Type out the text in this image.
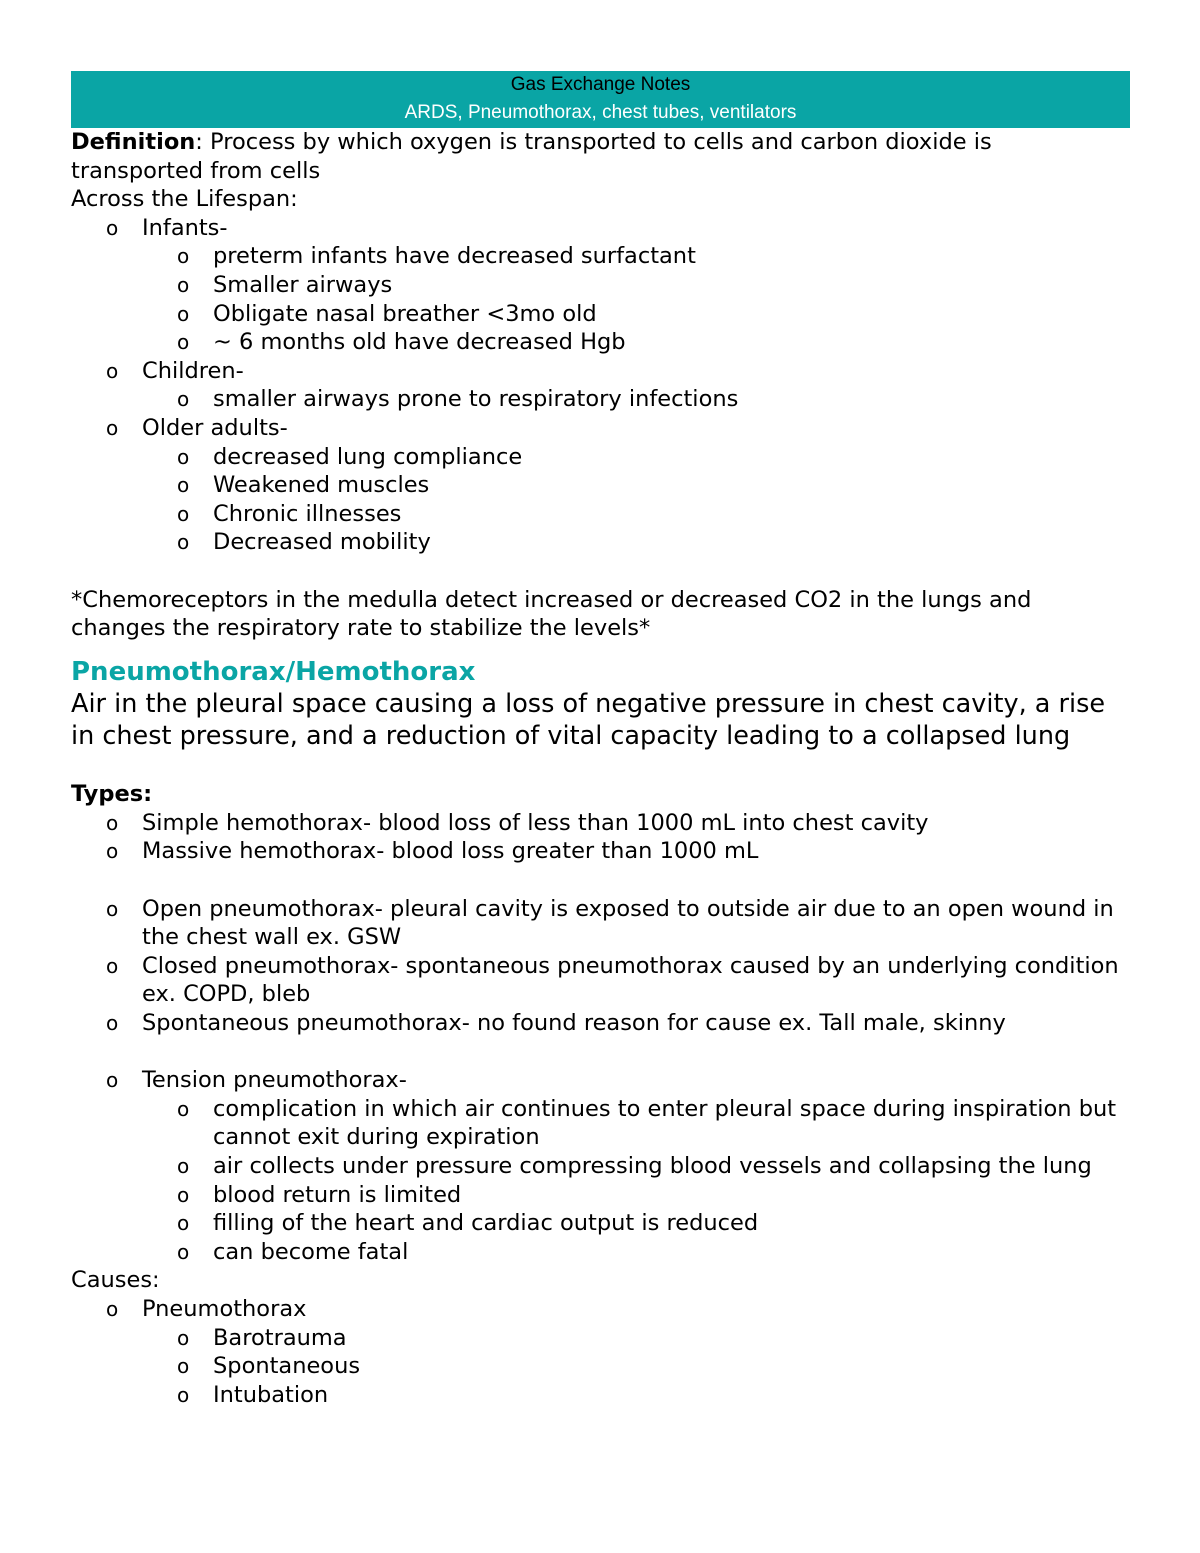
Gas Exchange Notes
ARDS, Pneumothorax, chest tubes, ventilators

Definition: Process by which oxygen is transported to cells and carbon dioxide is transported from cells

Across the Lifespan:

o Infants-
o preterm infants have decreased surfactant
o Smaller airways
o Obligate nasal breather <3mo old
o ~ 6 months old have decreased Hgb
o Children-
o smaller airways prone to respiratory infections
o Older adults-
o decreased lung compliance
o Weakened muscles
o Chronic illnesses
o Decreased mobility

*Chemoreceptors in the medulla detect increased or decreased CO2 in the lungs and changes the respiratory rate to stabilize the levels*

Pneumothorax/Hemothorax

Air in the pleural space causing a loss of negative pressure in chest cavity, a rise in chest pressure, and a reduction of vital capacity leading to a collapsed lung

Types:

o Simple hemothorax- blood loss of less than 1000 mL into chest cavity
o Massive hemothorax- blood loss greater than 1000 mL
o Open pneumothorax- pleural cavity is exposed to outside air due to an open wound in the chest wall ex. GSW
o Closed pneumothorax- spontaneous pneumothorax caused by an underlying condition ex. COPD, bleb
o Spontaneous pneumothorax- no found reason for cause ex. Tall male, skinny
o Tension pneumothorax-
o complication in which air continues to enter pleural space during inspiration but cannot exit during expiration
o air collects under pressure compressing blood vessels and collapsing the lung
o blood return is limited
o filling of the heart and cardiac output is reduced
o can become fatal

Causes:

o Pneumothorax
o Barotrauma
o Spontaneous
o Intubation
